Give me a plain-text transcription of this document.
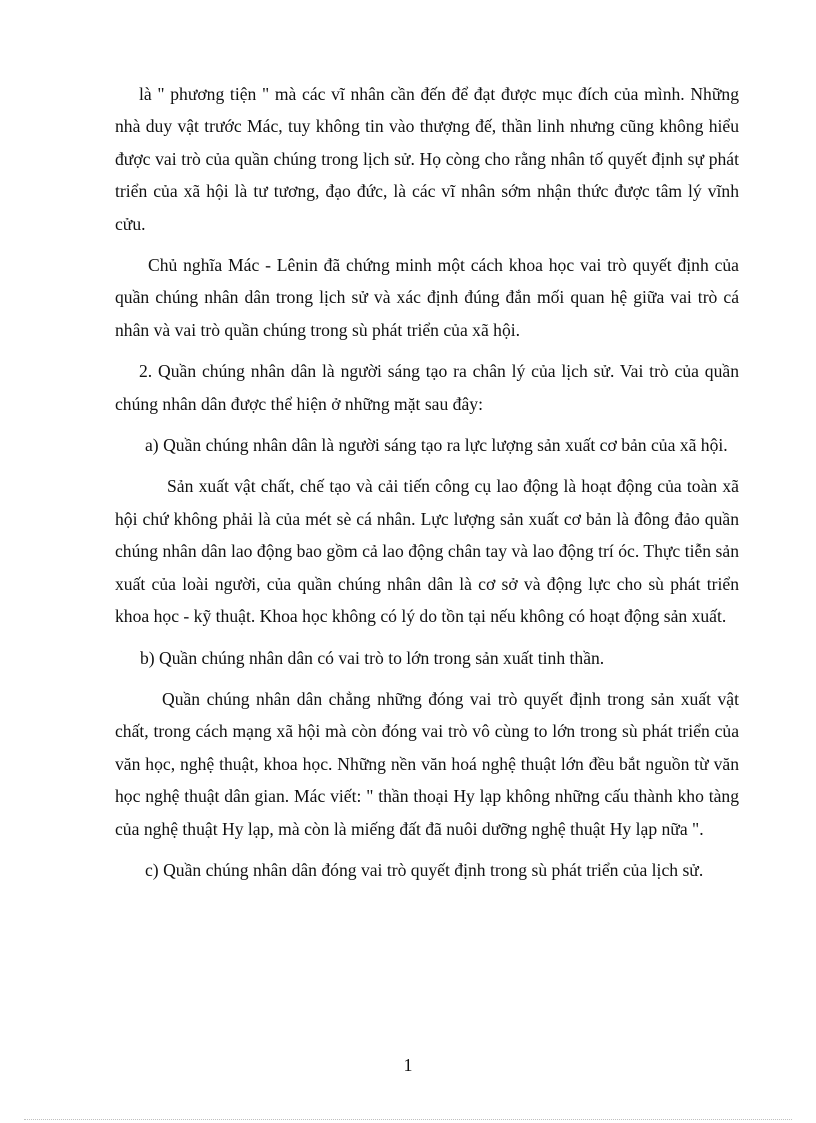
là " phương tiện " mà các vĩ nhân cần đến để đạt được mục đích của mình. Những nhà duy vật trước Mác, tuy không tin vào thượng đế, thần linh nhưng cũng không hiểu được vai trò của quần chúng trong lịch sử. Họ còng cho rằng nhân tố quyết định sự phát triển của xã hội là tư tương, đạo đức, là các vĩ nhân sớm nhận thức được tâm lý vĩnh cửu.

Chủ nghĩa Mác - Lênin đã chứng minh một cách khoa học vai trò quyết định của quần chúng nhân dân trong lịch sử và xác định đúng đắn mối quan hệ giữa vai trò cá nhân và vai trò quần chúng trong sù phát triển của xã hội.

2. Quần chúng nhân dân là người sáng tạo ra chân lý của lịch sử. Vai trò của quần chúng nhân dân được thể hiện ở những mặt sau đây:

a) Quần chúng nhân dân là người sáng tạo ra lực lượng sản xuất cơ bản của xã hội.

Sản xuất vật chất, chế tạo và cải tiến công cụ lao động là hoạt động của toàn xã hội chứ không phải là của mét sè cá nhân. Lực lượng sản xuất cơ bản là đông đảo quần chúng nhân dân lao động bao gồm cả lao động chân tay và lao động trí óc. Thực tiễn sản xuất của loài người, của quần chúng nhân dân là cơ sở và động lực cho sù phát triển khoa học - kỹ thuật. Khoa học không có lý do tồn tại nếu không có hoạt động sản xuất.

b) Quần chúng nhân dân có vai trò to lớn trong sản xuất tinh thần.

Quần chúng nhân dân chẳng những đóng vai trò quyết định trong sản xuất vật chất, trong cách mạng xã hội mà còn đóng vai trò vô cùng to lớn trong sù phát triển của văn học, nghệ thuật, khoa học. Những nền văn hoá nghệ thuật lớn đều bắt nguồn từ văn học nghệ thuật dân gian. Mác viết: " thần thoại Hy lạp không những cấu thành kho tàng của nghệ thuật Hy lạp, mà còn là miếng đất đã nuôi dưỡng nghệ thuật Hy lạp nữa ".

c) Quần chúng nhân dân đóng vai trò quyết định trong sù phát triển của lịch sử.

1
